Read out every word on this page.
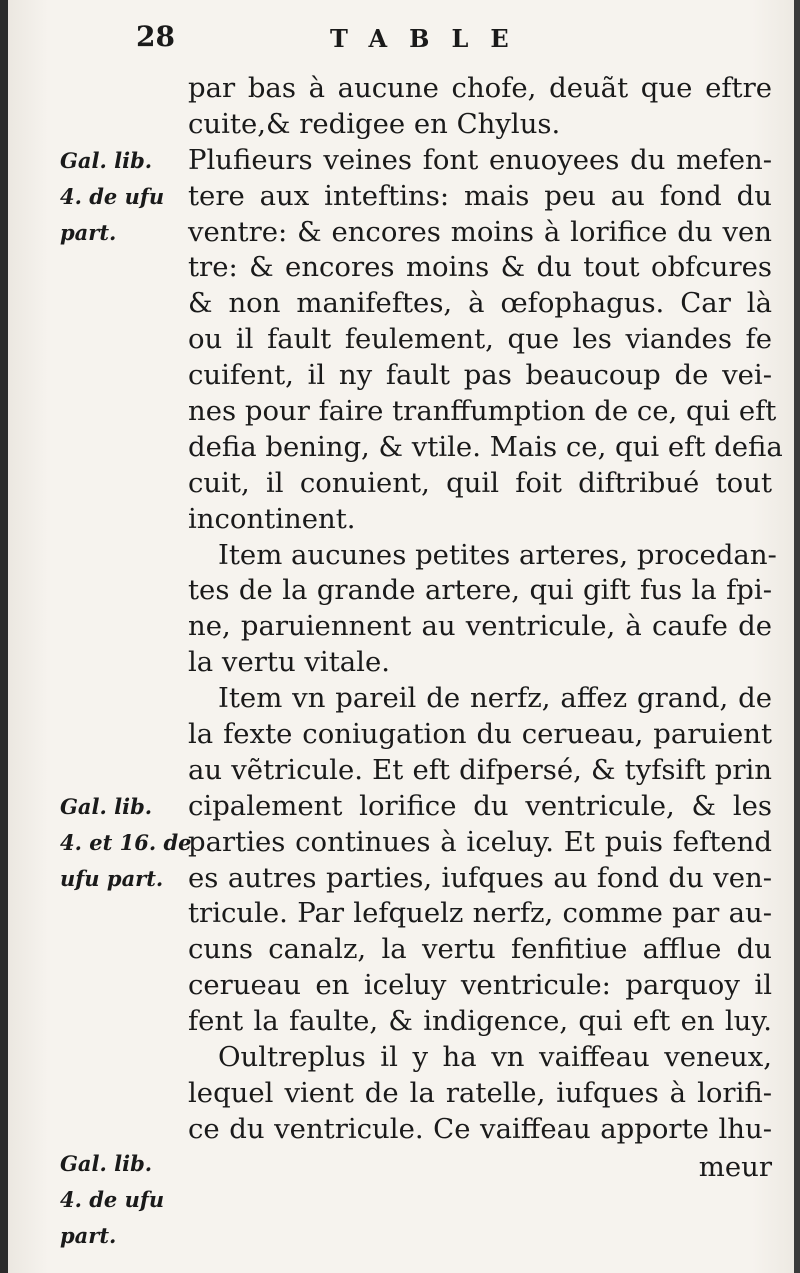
28	TABLE
Gal. lib.
4. de ufu
part.
Gal. lib.
4. et 16. de
ufu part.
Gal. lib.
4. de ufu
part.
par bas à aucune chofe, deuãt que eftre
cuite,& redigee en Chylus.
Plufieurs veines font enuoyees du mefen-
tere aux inteftins: mais peu au fond du
ventre: & encores moins à lorifice du ven
tre: & encores moins & du tout obfcures
& non manifeftes, à œfophagus. Car là
ou il fault feulement, que les viandes fe
cuifent, il ny fault pas beaucoup de vei-
nes pour faire tranffumption de ce, qui eft
defia bening, & vtile. Mais ce, qui eft defia
cuit, il conuient, quil foit diftribué tout
incontinent.
Item aucunes petites arteres, procedan-
tes de la grande artere, qui gift fus la fpi-
ne, paruiennent au ventricule, à caufe de
la vertu vitale.
Item vn pareil de nerfz, affez grand, de
la fexte coniugation du cerueau, paruient
au vẽtricule. Et eft difpersé, & tyfsift prin
cipalement lorifice du ventricule, & les
parties continues à iceluy. Et puis feftend
es autres parties, iufques au fond du ven-
tricule. Par lefquelz nerfz, comme par au-
cuns canalz, la vertu fenfitiue afflue du
cerueau en iceluy ventricule: parquoy il
fent la faulte, & indigence, qui eft en luy.
Oultreplus il y ha vn vaiffeau veneux,
lequel vient de la ratelle, iufques à lorifi-
ce du ventricule. Ce vaiffeau apporte lhu-
meur
